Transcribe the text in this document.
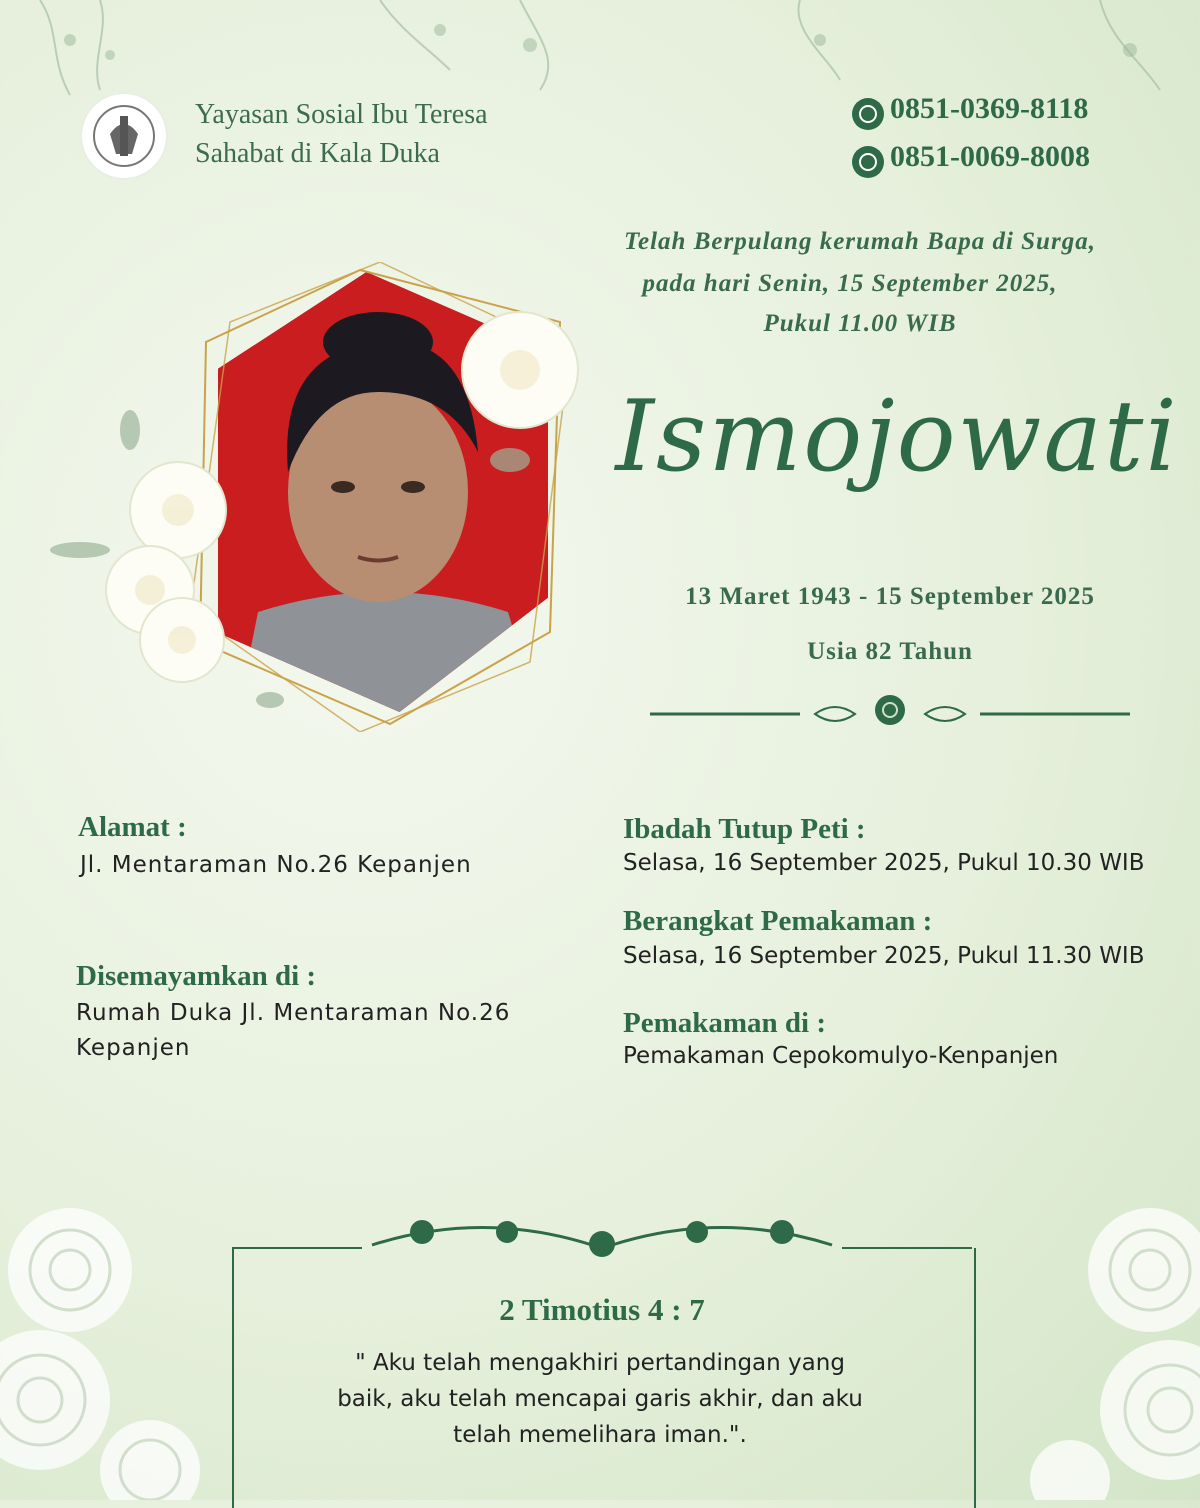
Yayasan Sosial Ibu Teresa
Sahabat di Kala Duka
0851-0369-8118
0851-0069-8008
Telah Berpulang kerumah Bapa di Surga,
pada hari Senin, 15 September 2025,
Pukul 11.00 WIB
Ismojowati
13 Maret 1943 - 15 September 2025
Usia 82 Tahun
Alamat :
Jl. Mentaraman No.26 Kepanjen
Disemayamkan di :
Rumah Duka Jl. Mentaraman No.26
Kepanjen
Ibadah Tutup Peti :
Selasa, 16 September 2025, Pukul 10.30 WIB
Berangkat Pemakaman :
Selasa, 16 September 2025, Pukul 11.30 WIB
Pemakaman di :
Pemakaman Cepokomulyo-Kenpanjen
2 Timotius 4 : 7
" Aku telah mengakhiri pertandingan yang
baik, aku telah mencapai garis akhir, dan aku
telah memelihara iman.".
